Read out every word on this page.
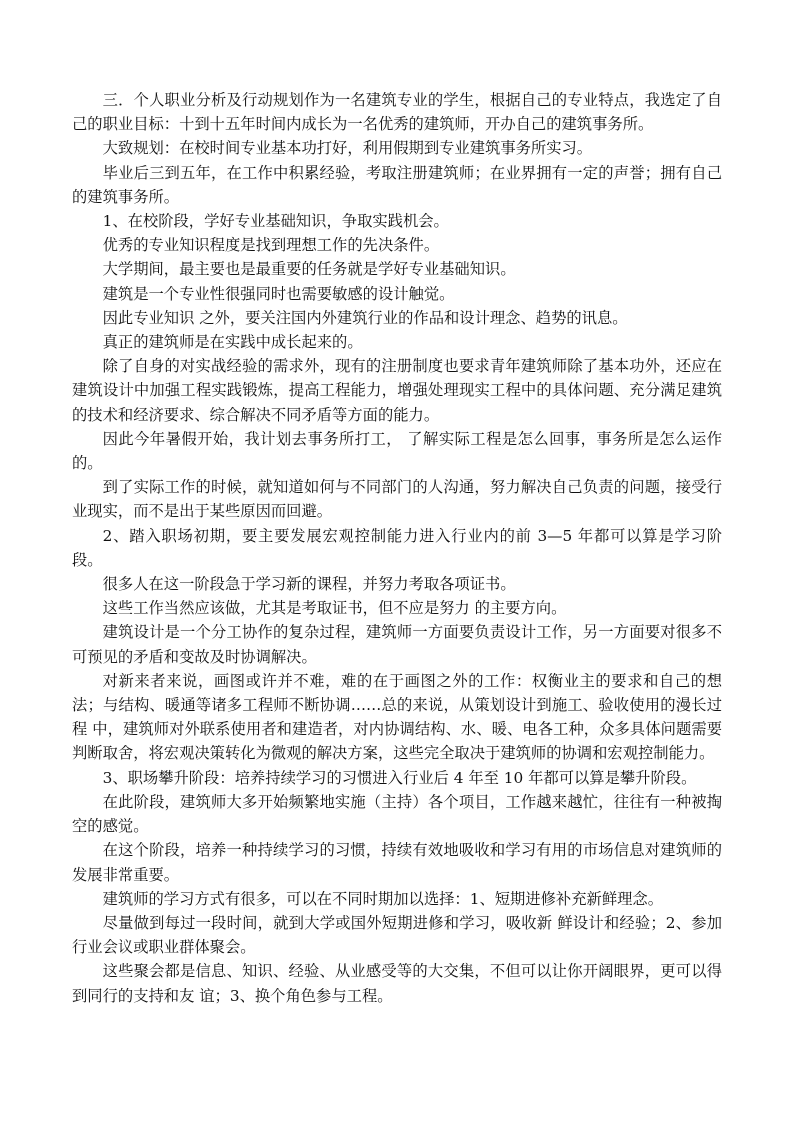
三．个人职业分析及行动规划作为一名建筑专业的学生，根据自己的专业特点，我选定了自己的职业目标：十到十五年时间内成长为一名优秀的建筑师，开办自己的建筑事务所。

大致规划：在校时间专业基本功打好，利用假期到专业建筑事务所实习。

毕业后三到五年，在工作中积累经验，考取注册建筑师；在业界拥有一定的声誉；拥有自己的建筑事务所。

1、在校阶段，学好专业基础知识，争取实践机会。

优秀的专业知识程度是找到理想工作的先决条件。

大学期间，最主要也是最重要的任务就是学好专业基础知识。

建筑是一个专业性很强同时也需要敏感的设计触觉。

因此专业知识 之外，要关注国内外建筑行业的作品和设计理念、趋势的讯息。

真正的建筑师是在实践中成长起来的。

除了自身的对实战经验的需求外，现有的注册制度也要求青年建筑师除了基本功外，还应在建筑设计中加强工程实践锻炼，提高工程能力，增强处理现实工程中的具体问题、充分满足建筑的技术和经济要求、综合解决不同矛盾等方面的能力。

因此今年暑假开始，我计划去事务所打工， 了解实际工程是怎么回事，事务所是怎么运作的。

到了实际工作的时候，就知道如何与不同部门的人沟通，努力解决自己负责的问题，接受行业现实，而不是出于某些原因而回避。

2、踏入职场初期，要主要发展宏观控制能力进入行业内的前 3—5 年都可以算是学习阶段。

很多人在这一阶段急于学习新的课程，并努力考取各项证书。

这些工作当然应该做，尤其是考取证书，但不应是努力 的主要方向。

建筑设计是一个分工协作的复杂过程，建筑师一方面要负责设计工作，另一方面要对很多不可预见的矛盾和变故及时协调解决。

对新来者来说，画图或许并不难，难的在于画图之外的工作：权衡业主的要求和自己的想法；与结构、暖通等诸多工程师不断协调……总的来说，从策划设计到施工、验收使用的漫长过程 中，建筑师对外联系使用者和建造者，对内协调结构、水、暖、电各工种，众多具体问题需要判断取舍，将宏观决策转化为微观的解决方案，这些完全取决于建筑师的协调和宏观控制能力。

3、职场攀升阶段：培养持续学习的习惯进入行业后 4 年至 10 年都可以算是攀升阶段。

在此阶段，建筑师大多开始频繁地实施（主持）各个项目，工作越来越忙，往往有一种被掏空的感觉。

在这个阶段，培养一种持续学习的习惯，持续有效地吸收和学习有用的市场信息对建筑师的发展非常重要。

建筑师的学习方式有很多，可以在不同时期加以选择：1、短期进修补充新鲜理念。

尽量做到每过一段时间，就到大学或国外短期进修和学习，吸收新 鲜设计和经验；2、参加行业会议或职业群体聚会。

这些聚会都是信息、知识、经验、从业感受等的大交集，不但可以让你开阔眼界，更可以得到同行的支持和友 谊；3、换个角色参与工程。
